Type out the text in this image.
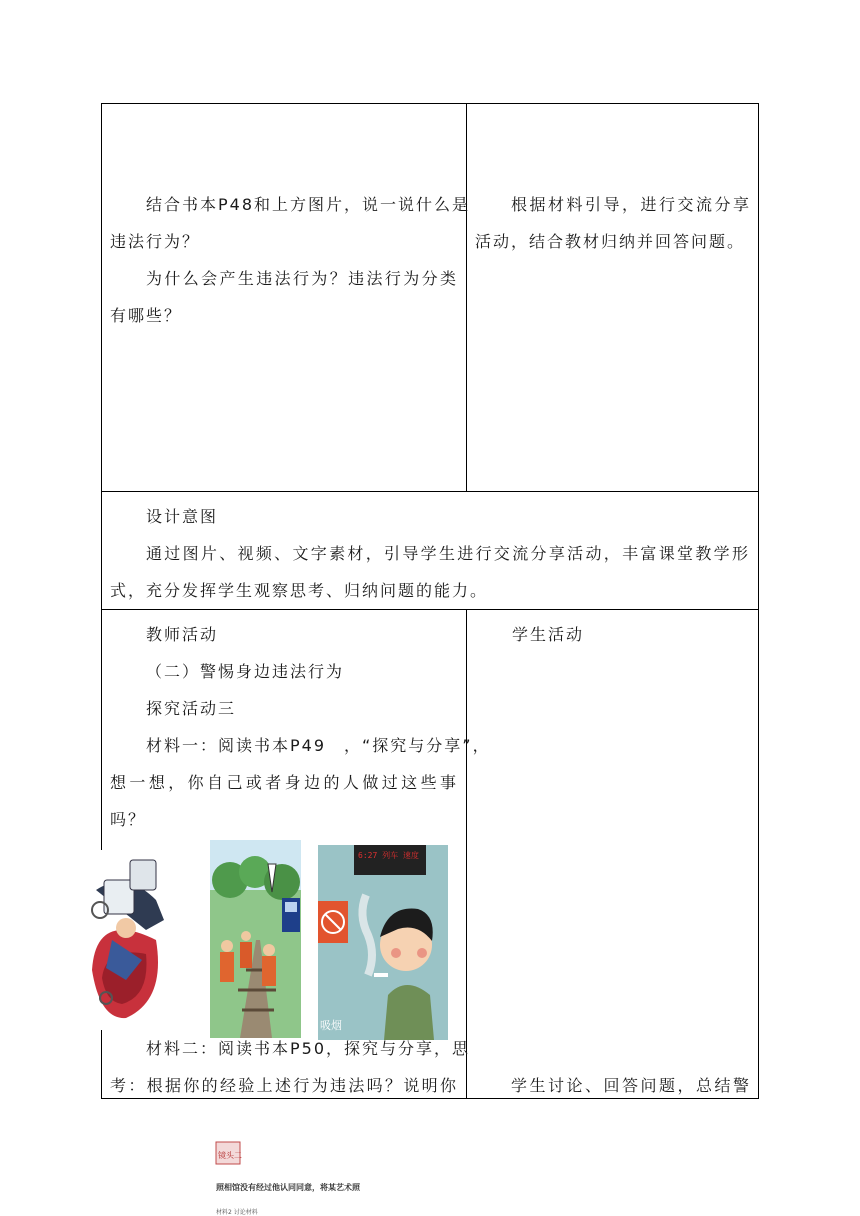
结合书本P48和上方图片，说一说什么是
违法行为？
为什么会产生违法行为？违法行为分类
有哪些？
根据材料引导，进行交流分享
活动，结合教材归纳并回答问题。
设计意图
通过图片、视频、文字素材，引导学生进行交流分享活动，丰富课堂教学形
式，充分发挥学生观察思考、归纳问题的能力。
教师活动
（二）警惕身边违法行为
探究活动三
材料一：阅读书本P49　，“探究与分享”，
想一想，你自己或者身边的人做过这些事
吗？
学生活动
6:27 列车 速度
吸烟
材料二：阅读书本P50，探究与分享，思
考：根据你的经验上述行为违法吗？说明你	学生讨论、回答问题，总结警
镜头二
照相馆没有经过他认同同意，将某艺术照
材料2 讨论材料
